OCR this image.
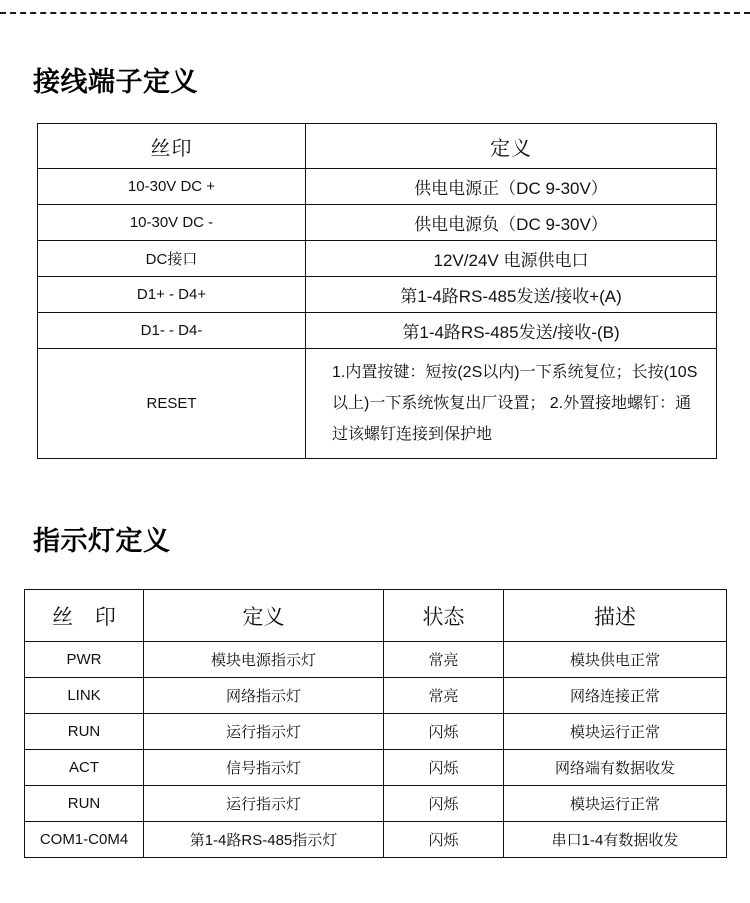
接线端子定义
丝印	定义
10-30V DC +	供电电源正（DC 9-30V）
10-30V DC -	供电电源负（DC 9-30V）
DC接口	12V/24V 电源供电口
D1+ - D4+	第1-4路RS-485发送/接收+(A)
D1- - D4-	第1-4路RS-485发送/接收-(B)
RESET	1.内置按键：短按(2S以内)一下系统复位；长按(10S以上)一下系统恢复出厂设置； 2.外置接地螺钉：通过该螺钉连接到保护地
指示灯定义
丝 印	定义	状态	描述
PWR	模块电源指示灯	常亮	模块供电正常
LINK	网络指示灯	常亮	网络连接正常
RUN	运行指示灯	闪烁	模块运行正常
ACT	信号指示灯	闪烁	网络端有数据收发
RUN	运行指示灯	闪烁	模块运行正常
COM1-C0M4	第1-4路RS-485指示灯	闪烁	串口1-4有数据收发
